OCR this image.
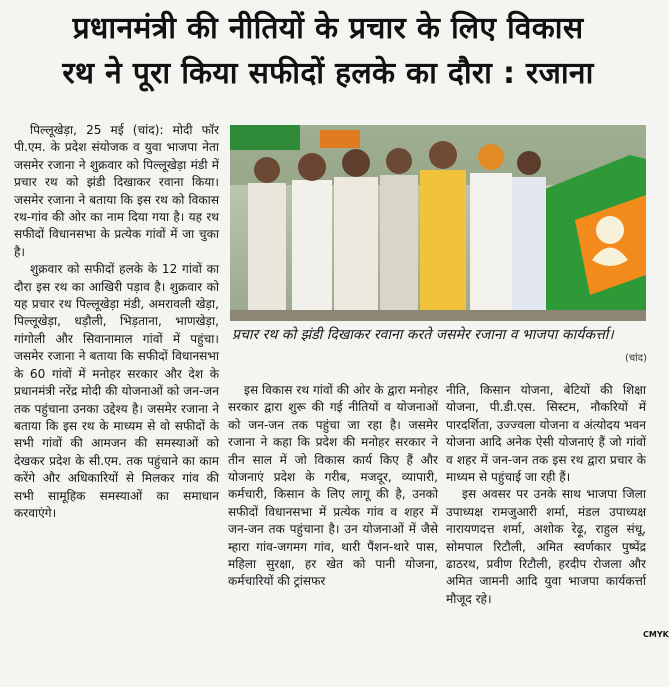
प्रधानमंत्री की नीतियों के प्रचार के लिए विकास
रथ ने पूरा किया सफीदों हलके का दौरा : रजाना

पिल्लूखेड़ा, 25 मई (चांद): मोदी फॉर पी.एम. के प्रदेश संयोजक व युवा भाजपा नेता जसमेर रजाना ने शुक्रवार को पिल्लूखेड़ा मंडी में प्रचार रथ को झंडी दिखाकर रवाना किया। जसमेर रजाना ने बताया कि इस रथ को विकास रथ-गांव की ओर का नाम दिया गया है। यह रथ सफीदों विधानसभा के प्रत्येक गांवों में जा चुका है।

शुक्रवार को सफीदों हलके के 12 गांवों का दौरा इस रथ का आखिरी पड़ाव है। शुक्रवार को यह प्रचार रथ पिल्लूखेड़ा मंडी, अमरावली खेड़ा, पिल्लूखेड़ा, धड़ौली, भिड़ताना, भाणखेड़ा, गांगोली और सिवानामाल गांवों में पहुंचा। जसमेर रजाना ने बताया कि सफीदों विधानसभा के 60 गांवों में मनोहर सरकार और देश के प्रधानमंत्री नरेंद्र मोदी की योजनाओं को जन-जन तक पहुंचाना उनका उद्देश्य है। जसमेर रजाना ने बताया कि इस रथ के माध्यम से वो सफीदों के सभी गांवों की आमजन की समस्याओं को देखकर प्रदेश के सी.एम. तक पहुंचाने का काम करेंगे और अधिकारियों से मिलकर गांव की सभी सामूहिक समस्याओं का समाधान करवाएंगे।

प्रचार रथ को झंडी दिखाकर रवाना करते जसमेर रजाना व भाजपा कार्यकर्त्ता।
(चांद)

इस विकास रथ गांवों की ओर के द्वारा मनोहर सरकार द्वारा शुरू की गई नीतियों व योजनाओं को जन-जन तक पहुंचा जा रहा है। जसमेर रजाना ने कहा कि प्रदेश की मनोहर सरकार ने तीन साल में जो विकास कार्य किए हैं और योजनाएं प्रदेश के गरीब, मजदूर, व्यापारी, कर्मचारी, किसान के लिए लागू की है, उनको सफीदों विधानसभा में प्रत्येक गांव व शहर में जन-जन तक पहुंचाना है। उन योजनाओं में जैसे म्हारा गांव-जगमग गांव, थारी पैंशन-थारे पास, महिला सुरक्षा, हर खेत को पानी योजना, कर्मचारियों की ट्रांसफर

नीति, किसान योजना, बेटियों की शिक्षा योजना, पी.डी.एस. सिस्टम, नौकरियों में पारदर्शिता, उज्ज्वला योजना व अंत्योदय भवन योजना आदि अनेक ऐसी योजनाएं हैं जो गांवों व शहर में जन-जन तक इस रथ द्वारा प्रचार के माध्यम से पहुंचाई जा रही हैं।

इस अवसर पर उनके साथ भाजपा जिला उपाध्यक्ष रामजुआरी शर्मा, मंडल उपाध्यक्ष नारायणदत्त शर्मा, अशोक रेढ़ू, राहुल संधू, सोमपाल रिटौली, अमित स्वर्णकार पुष्पेंद्र ढाठरथ, प्रवीण रिटौली, हरदीप रोजला और अमित जामनी आदि युवा भाजपा कार्यकर्त्ता मौजूद रहे।

CMYK
